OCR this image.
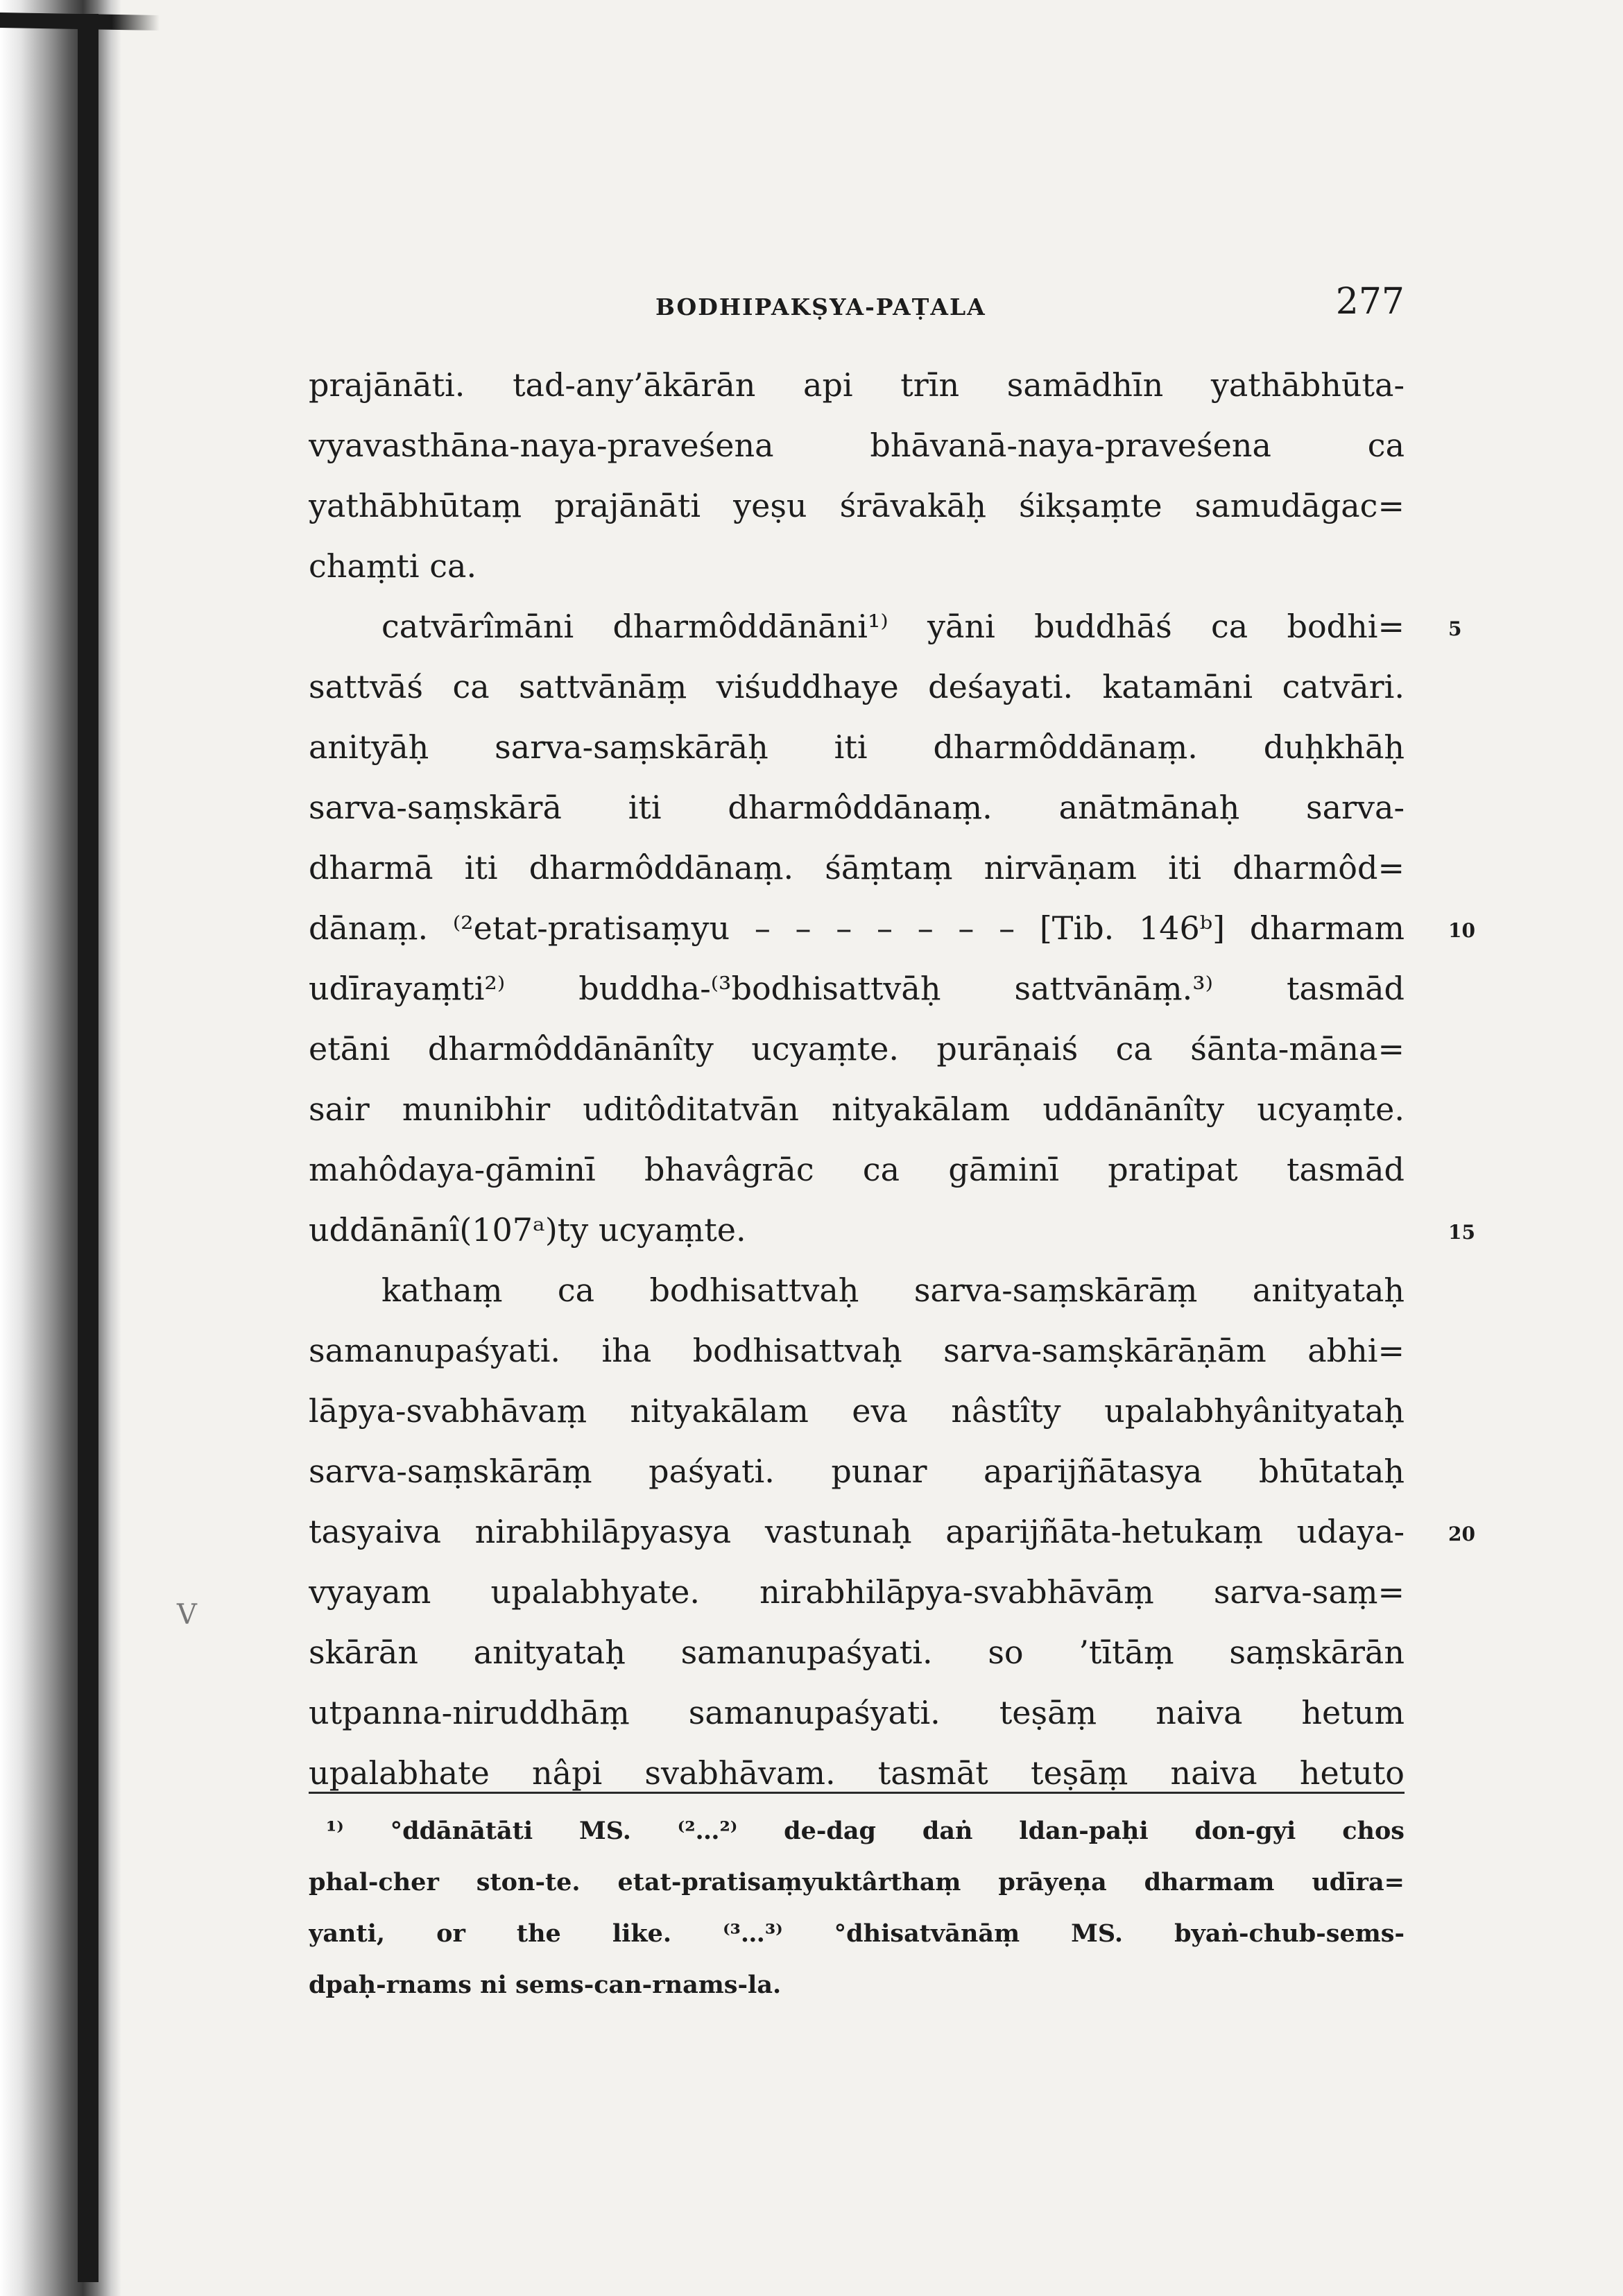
BODHIPAKṢYA-PAṬALA	277
prajānāti. tad-any’ākārān api trīn samādhīn yathābhūta-
vyavasthāna-naya-praveśena bhāvanā-naya-praveśena ca
yathābhūtaṃ prajānāti yeṣu śrāvakāḥ śikṣaṃte samudāgac=
chaṃti ca.
catvārîmāni dharmôddānāni¹⁾ yāni buddhāś ca bodhi=
sattvāś ca sattvānāṃ viśuddhaye deśayati. katamāni catvāri.
anityāḥ sarva-saṃskārāḥ iti dharmôddānaṃ. duḥkhāḥ
sarva-saṃskārā iti dharmôddānaṃ. anātmānaḥ sarva-
dharmā iti dharmôddānaṃ. śāṃtaṃ nirvāṇam iti dharmôd=
dānaṃ. ⁽²etat-pratisaṃyu – – – – – – – [Tib. 146ᵇ] dharmam
udīrayaṃti²⁾ buddha-⁽³bodhisattvāḥ sattvānāṃ.³⁾ tasmād
etāni dharmôddānānîty ucyaṃte. purāṇaiś ca śānta-māna=
sair munibhir uditôditatvān nityakālam uddānānîty ucyaṃte.
mahôdaya-gāminī bhavâgrāc ca gāminī pratipat tasmād
uddānānî(107ᵃ)ty ucyaṃte.
kathaṃ ca bodhisattvaḥ sarva-saṃskārāṃ anityataḥ
samanupaśyati. iha bodhisattvaḥ sarva-samṣkārāṇām abhi=
lāpya-svabhāvaṃ nityakālam eva nâstîty upalabhyânityataḥ
sarva-saṃskārāṃ paśyati. punar aparijñātasya bhūtataḥ
tasyaiva nirabhilāpyasya vastunaḥ aparijñāta-hetukaṃ udaya-
vyayam upalabhyate. nirabhilāpya-svabhāvāṃ sarva-saṃ=
skārān anityataḥ samanupaśyati. so ’tītāṃ saṃskārān
utpanna-niruddhāṃ samanupaśyati. teṣāṃ naiva hetum
upalabhate nâpi svabhāvam. tasmāt teṣāṃ naiva hetuto
5
10
15
20
V
¹⁾ °ddānātāti MS. ⁽²…²⁾ de-dag daṅ ldan-paḥi don-gyi chos
phal-cher ston-te. etat-pratisaṃyuktârthaṃ prāyeṇa dharmam udīra=
yanti, or the like. ⁽³…³⁾ °dhisatvānāṃ MS. byaṅ-chub-sems-
dpaḥ-rnams ni sems-can-rnams-la.
